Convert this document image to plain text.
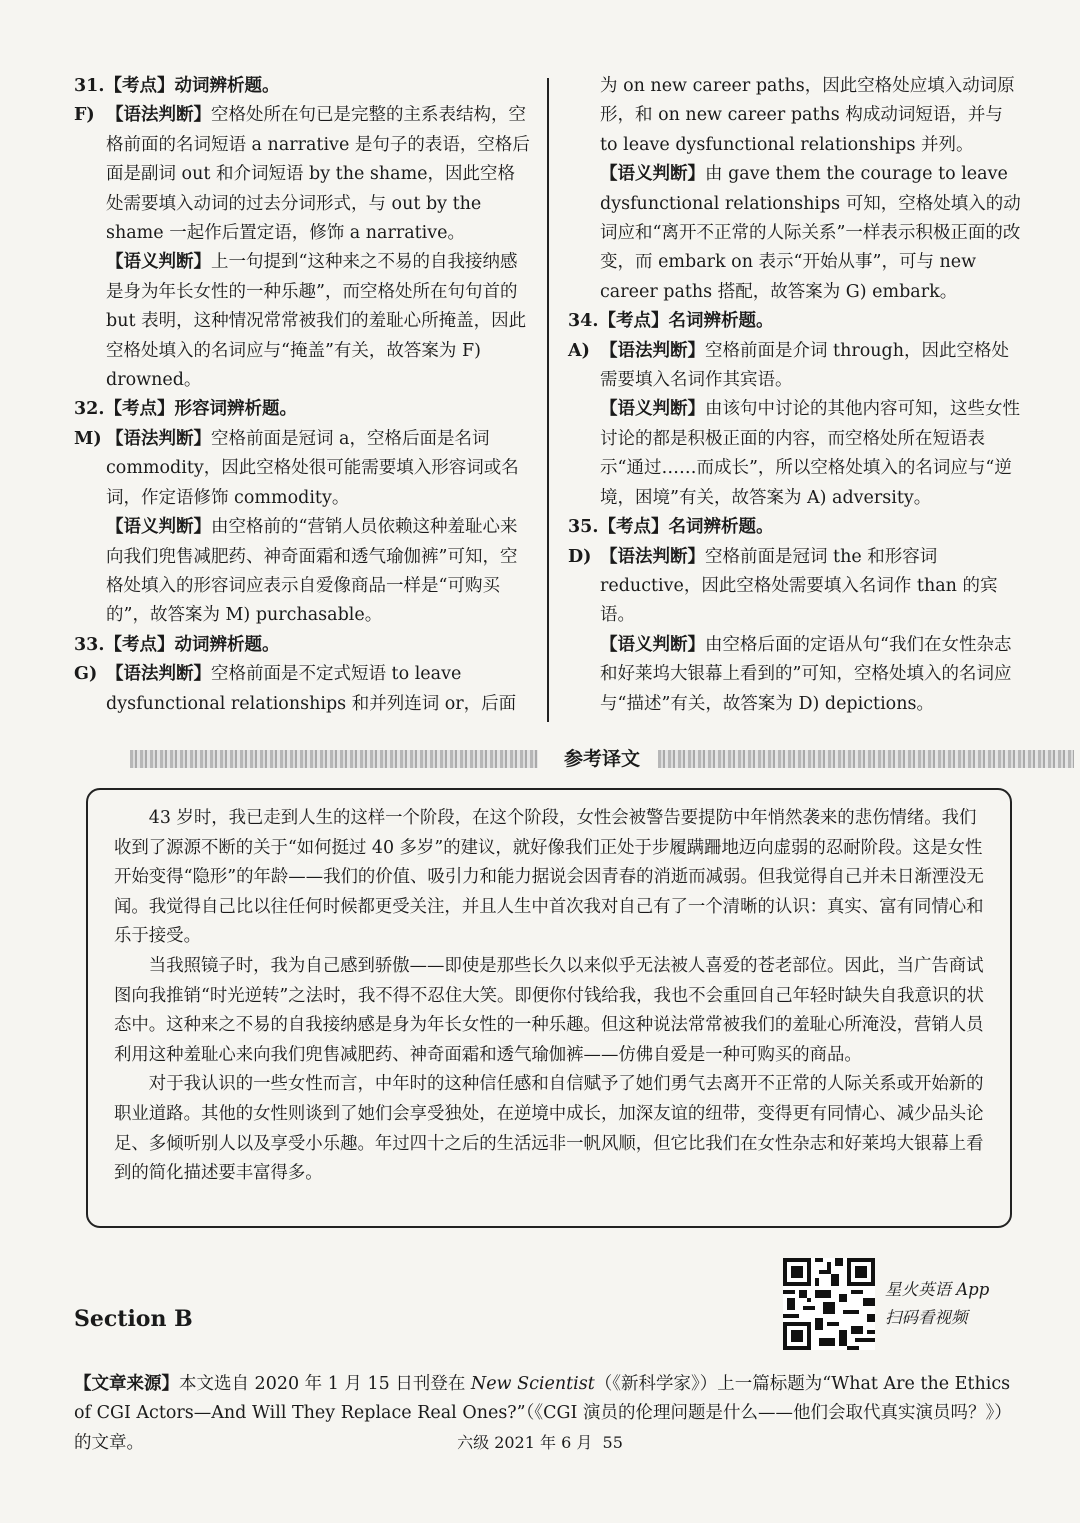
31.【考点】动词辨析题。
F) 【语法判断】空格处所在句已是完整的主系表结构，空格前面的名词短语 a narrative 是句子的表语，空格后面是副词 out 和介词短语 by the shame，因此空格处需要填入动词的过去分词形式，与 out by the shame 一起作后置定语，修饰 a narrative。
【语义判断】上一句提到“这种来之不易的自我接纳感是身为年长女性的一种乐趣”，而空格处所在句句首的 but 表明，这种情况常常被我们的羞耻心所掩盖，因此空格处填入的名词应与“掩盖”有关，故答案为 F) drowned。
32.【考点】形容词辨析题。
M) 【语法判断】空格前面是冠词 a，空格后面是名词 commodity，因此空格处很可能需要填入形容词或名词，作定语修饰 commodity。
【语义判断】由空格前的“营销人员依赖这种羞耻心来向我们兜售减肥药、神奇面霜和透气瑜伽裤”可知，空格处填入的形容词应表示自爱像商品一样是“可购买的”，故答案为 M) purchasable。
33.【考点】动词辨析题。
G) 【语法判断】空格前面是不定式短语 to leave dysfunctional relationships 和并列连词 or，后面
为 on new career paths，因此空格处应填入动词原形，和 on new career paths 构成动词短语，并与 to leave dysfunctional relationships 并列。
【语义判断】由 gave them the courage to leave dysfunctional relationships 可知，空格处填入的动词应和“离开不正常的人际关系”一样表示积极正面的改变，而 embark on 表示“开始从事”，可与 new career paths 搭配，故答案为 G) embark。
34.【考点】名词辨析题。
A) 【语法判断】空格前面是介词 through，因此空格处需要填入名词作其宾语。
【语义判断】由该句中讨论的其他内容可知，这些女性讨论的都是积极正面的内容，而空格处所在短语表示“通过……而成长”，所以空格处填入的名词应与“逆境，困境”有关，故答案为 A) adversity。
35.【考点】名词辨析题。
D) 【语法判断】空格前面是冠词 the 和形容词 reductive，因此空格处需要填入名词作 than 的宾语。
【语义判断】由空格后面的定语从句“我们在女性杂志和好莱坞大银幕上看到的”可知，空格处填入的名词应与“描述”有关，故答案为 D) depictions。
参考译文

43 岁时，我已走到人生的这样一个阶段，在这个阶段，女性会被警告要提防中年悄然袭来的悲伤情绪。我们收到了源源不断的关于“如何挺过 40 多岁”的建议，就好像我们正处于步履蹒跚地迈向虚弱的忍耐阶段。这是女性开始变得“隐形”的年龄——我们的价值、吸引力和能力据说会因青春的消逝而减弱。但我觉得自己并未日渐湮没无闻。我觉得自己比以往任何时候都更受关注，并且人生中首次我对自己有了一个清晰的认识：真实、富有同情心和乐于接受。

当我照镜子时，我为自己感到骄傲——即使是那些长久以来似乎无法被人喜爱的苍老部位。因此，当广告商试图向我推销“时光逆转”之法时，我不得不忍住大笑。即便你付钱给我，我也不会重回自己年轻时缺失自我意识的状态中。这种来之不易的自我接纳感是身为年长女性的一种乐趣。但这种说法常常被我们的羞耻心所淹没，营销人员利用这种羞耻心来向我们兜售减肥药、神奇面霜和透气瑜伽裤——仿佛自爱是一种可购买的商品。

对于我认识的一些女性而言，中年时的这种信任感和自信赋予了她们勇气去离开不正常的人际关系或开始新的职业道路。其他的女性则谈到了她们会享受独处，在逆境中成长，加深友谊的纽带，变得更有同情心、减少品头论足、多倾听别人以及享受小乐趣。年过四十之后的生活远非一帆风顺，但它比我们在女性杂志和好莱坞大银幕上看到的简化描述要丰富得多。

星火英语 App
扫码看视频
Section B
【文章来源】本文选自 2020 年 1 月 15 日刊登在 New Scientist（《新科学家》）上一篇标题为“What Are the Ethics of CGI Actors—And Will They Replace Real Ones?”（《CGI 演员的伦理问题是什么——他们会取代真实演员吗？》）的文章。	六级 2021 年 6 月 55
